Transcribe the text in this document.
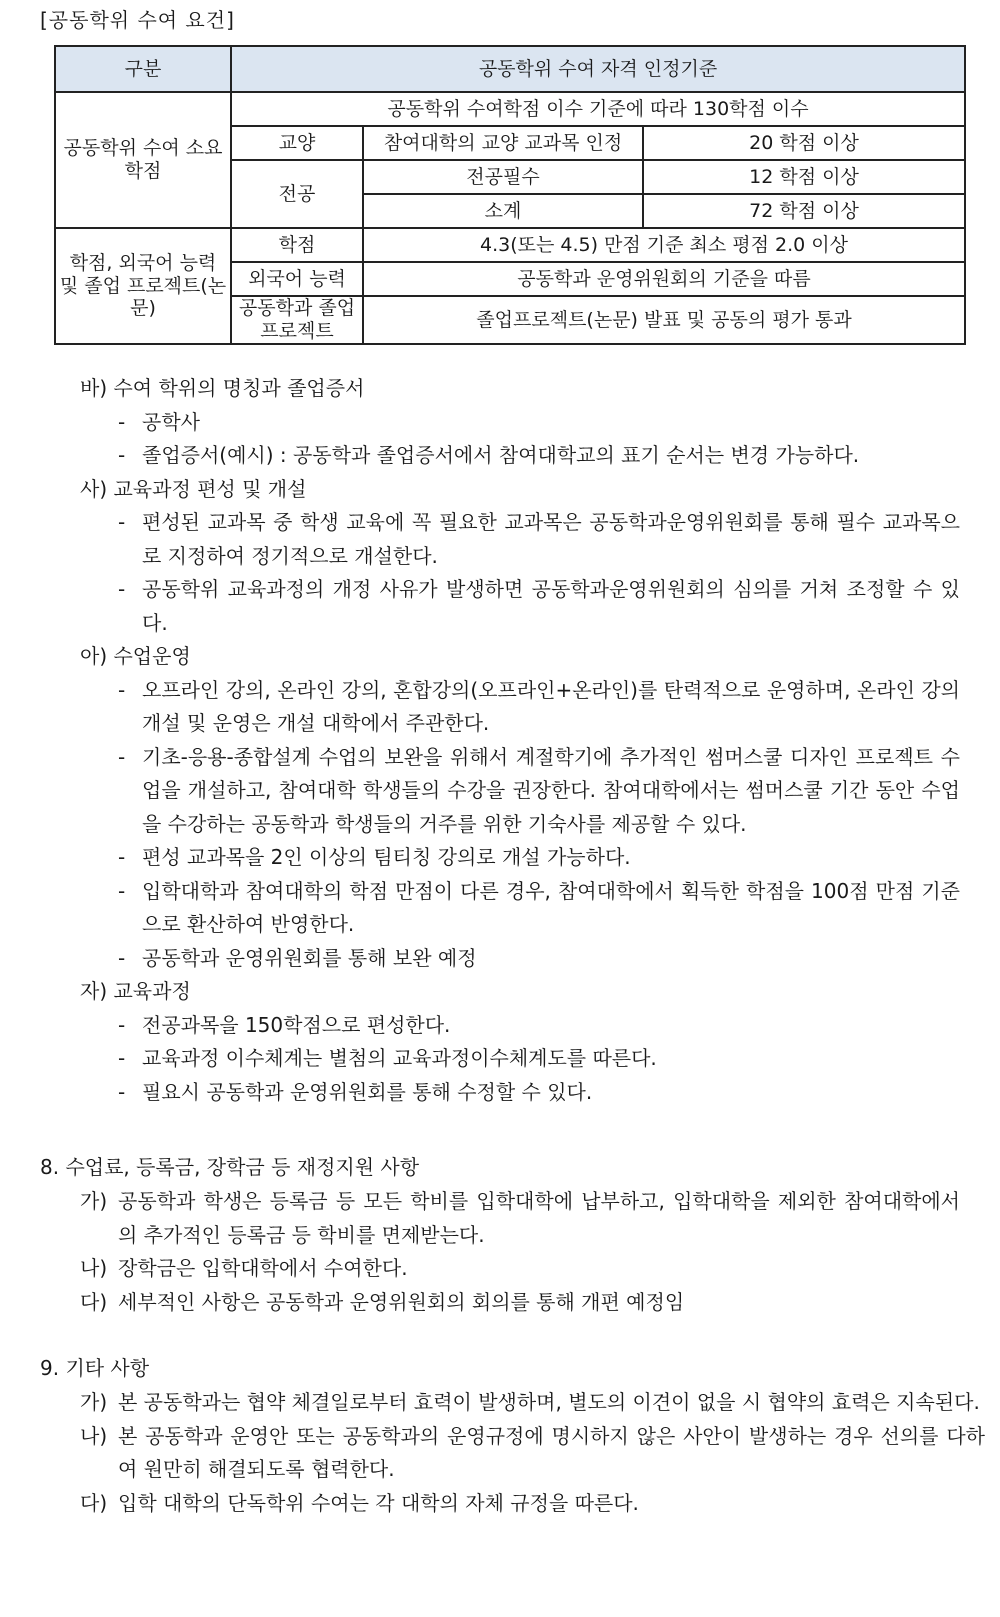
[공동학위 수여 요건]
구분	공동학위 수여 자격 인정기준		
공동학위 수여 소요 학점	공동학위 수여학점 이수 기준에 따라 130학점 이수		
	교양	참여대학의 교양 교과목 인정	20 학점 이상
	전공	전공필수	12 학점 이상
		소계	72 학점 이상
학점, 외국어 능력 및 졸업 프로젝트(논문)	학점	4.3(또는 4.5) 만점 기준 최소 평점 2.0 이상	
	외국어 능력	공동학과 운영위원회의 기준을 따름	
	공동학과 졸업프로젝트	졸업프로젝트(논문) 발표 및 공동의 평가 통과	

바) 수여 학위의 명칭과 졸업증서

- 공학사

- 졸업증서(예시) : 공동학과 졸업증서에서 참여대학교의 표기 순서는 변경 가능하다.

사) 교육과정 편성 및 개설

- 편성된 교과목 중 학생 교육에 꼭 필요한 교과목은 공동학과운영위원회를 통해 필수 교과목으로 지정하여 정기적으로 개설한다.

- 공동학위 교육과정의 개정 사유가 발생하면 공동학과운영위원회의 심의를 거쳐 조정할 수 있다.

아) 수업운영

- 오프라인 강의, 온라인 강의, 혼합강의(오프라인+온라인)를 탄력적으로 운영하며, 온라인 강의 개설 및 운영은 개설 대학에서 주관한다.

- 기초-응용-종합설계 수업의 보완을 위해서 계절학기에 추가적인 썸머스쿨 디자인 프로젝트 수업을 개설하고, 참여대학 학생들의 수강을 권장한다. 참여대학에서는 썸머스쿨 기간 동안 수업을 수강하는 공동학과 학생들의 거주를 위한 기숙사를 제공할 수 있다.

- 편성 교과목을 2인 이상의 팀티칭 강의로 개설 가능하다.

- 입학대학과 참여대학의 학점 만점이 다른 경우, 참여대학에서 획득한 학점을 100점 만점 기준으로 환산하여 반영한다.

- 공동학과 운영위원회를 통해 보완 예정

자) 교육과정

- 전공과목을 150학점으로 편성한다.

- 교육과정 이수체계는 별첨의 교육과정이수체계도를 따른다.

- 필요시 공동학과 운영위원회를 통해 수정할 수 있다.

8. 수업료, 등록금, 장학금 등 재정지원 사항

가) 공동학과 학생은 등록금 등 모든 학비를 입학대학에 납부하고, 입학대학을 제외한 참여대학에서의 추가적인 등록금 등 학비를 면제받는다.

나) 장학금은 입학대학에서 수여한다.

다) 세부적인 사항은 공동학과 운영위원회의 회의를 통해 개편 예정임

9. 기타 사항

가) 본 공동학과는 협약 체결일로부터 효력이 발생하며, 별도의 이견이 없을 시 협약의 효력은 지속된다.

나) 본 공동학과 운영안 또는 공동학과의 운영규정에 명시하지 않은 사안이 발생하는 경우 선의를 다하여 원만히 해결되도록 협력한다.

다) 입학 대학의 단독학위 수여는 각 대학의 자체 규정을 따른다.
